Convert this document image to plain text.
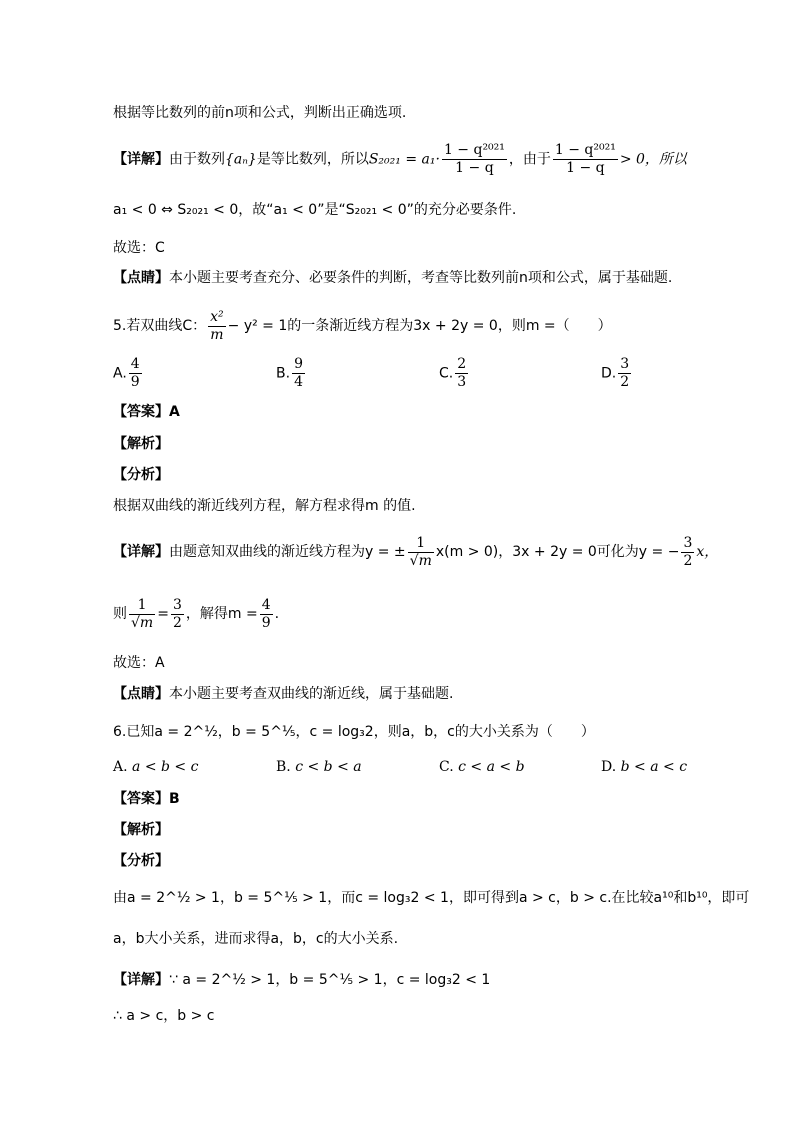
根据等比数列的前n项和公式，判断出正确选项.
【详解】由于数列{aₙ}是等比数列，所以$S_{2021} = a_1\cdot \frac{\text{1 − q²⁰²¹}}{1 - q}$ ，由于 $\frac{\text{1 − q²⁰²¹}}{1 - q} > 0$，所以
a₁ < 0 ⇔ S₂₀₂₁ < 0，故“a₁ < 0”是“S₂₀₂₁ < 0”的充分必要条件.
故选：C
【点睛】本小题主要考查充分、必要条件的判断，考查等比数列前n项和公式，属于基础题.
5.若双曲线C： $\frac{\text{x²}}{m} - y^2 = 1$的一条渐近线方程为3x + 2y = 0，则m =（　　）
A. $\frac{4}{9}$	B. $\frac{9}{4}$	C. $\frac{2}{3}$	D. $\frac{3}{2}$
【答案】A
【解析】
【分析】
根据双曲线的渐近线列方程，解方程求得m 的值.
【详解】由题意知双曲线的渐近线方程为y = ± $\frac{1}{√m} x(m > 0)$，3x + 2y = 0可化为y = − $\frac{3}{2}$ x，
则 $\frac{1}{√m} = \frac{3}{2}$ ，解得$m = \frac{4}{9}$ .
故选：A
【点睛】本小题主要考查双曲线的渐近线，属于基础题.
6.已知a = 2^½，b = 5^⅕，c = log₃2，则a，b，c的大小关系为（　　）
A. a < b < c	B. c < b < a	C. c < a < b	D. b < a < c
【答案】B
【解析】
【分析】
由a = 2^½ > 1，b = 5^⅕ > 1，而c = log₃2 < 1，即可得到a > c，b > c.在比较a¹⁰和b¹⁰，即可
a，b大小关系，进而求得a，b，c的大小关系.
【详解】∵ a = 2^½ > 1，b = 5^⅕ > 1，c = log₃2 < 1
∴ a > c，b > c
